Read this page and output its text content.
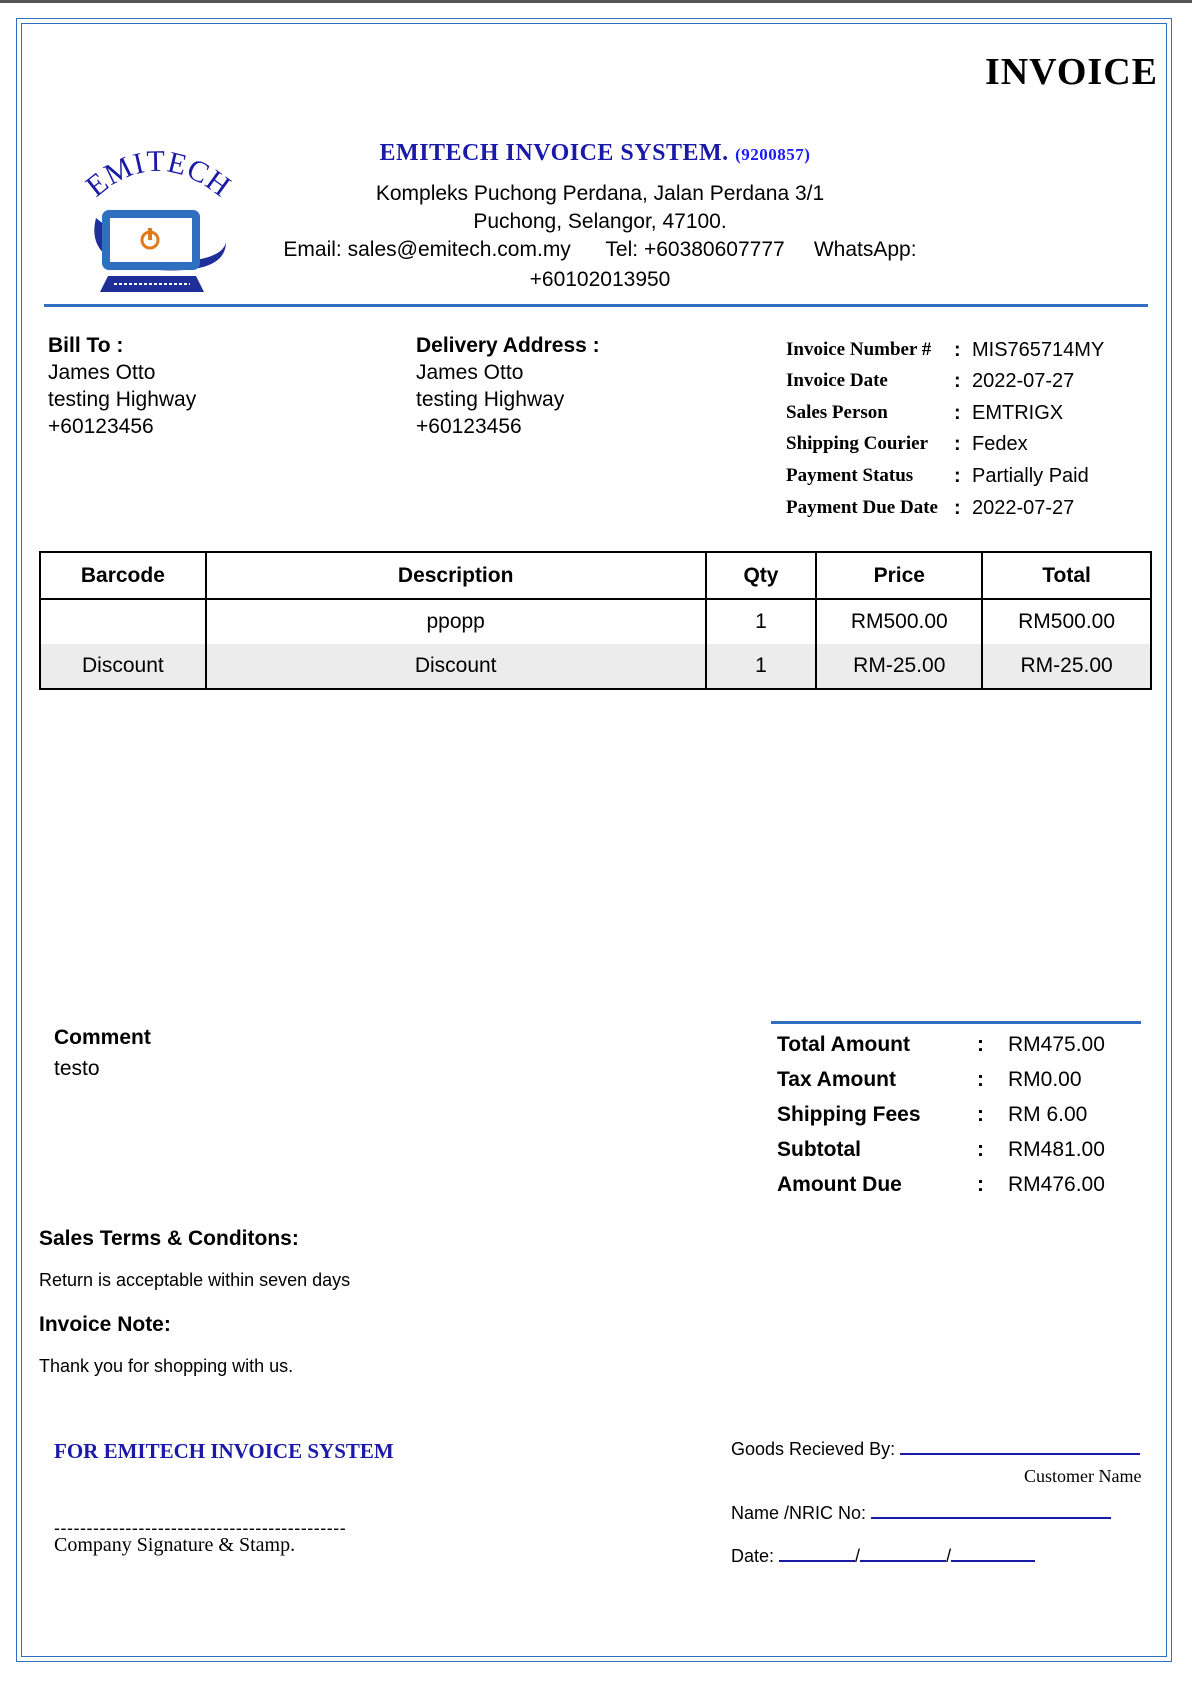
INVOICE
EMITECH
EMITECH INVOICE SYSTEM. (9200857)
Kompleks Puchong Perdana, Jalan Perdana 3/1
Puchong, Selangor, 47100.
Email: sales@emitech.com.my      Tel: +60380607777     WhatsApp:
+60102013950
Bill To :
James Otto
testing Highway
+60123456
Delivery Address :
James Otto
testing Highway
+60123456
Invoice Number # : MIS765714MY
Invoice Date	: 2022-07-27
Sales Person	: EMTRIGX
Shipping Courier : Fedex
Payment Status : Partially Paid
Payment Due Date : 2022-07-27
Barcode	Description	Qty	Price	Total
	ppopp	1	RM500.00	RM500.00
Discount	Discount	1	RM-25.00	RM-25.00
Comment
testo
Total Amount	: RM475.00
Tax Amount	: RM0.00
Shipping Fees	: RM 6.00
Subtotal	: RM481.00
Amount Due	: RM476.00
Sales Terms & Conditons:
Return is acceptable within seven days
Invoice Note:
Thank you for shopping with us.
FOR EMITECH INVOICE SYSTEM
---------------------------------------------
Company Signature & Stamp.
Goods Recieved By:
Customer Name
Name /NRIC No:
Date:	/	/
